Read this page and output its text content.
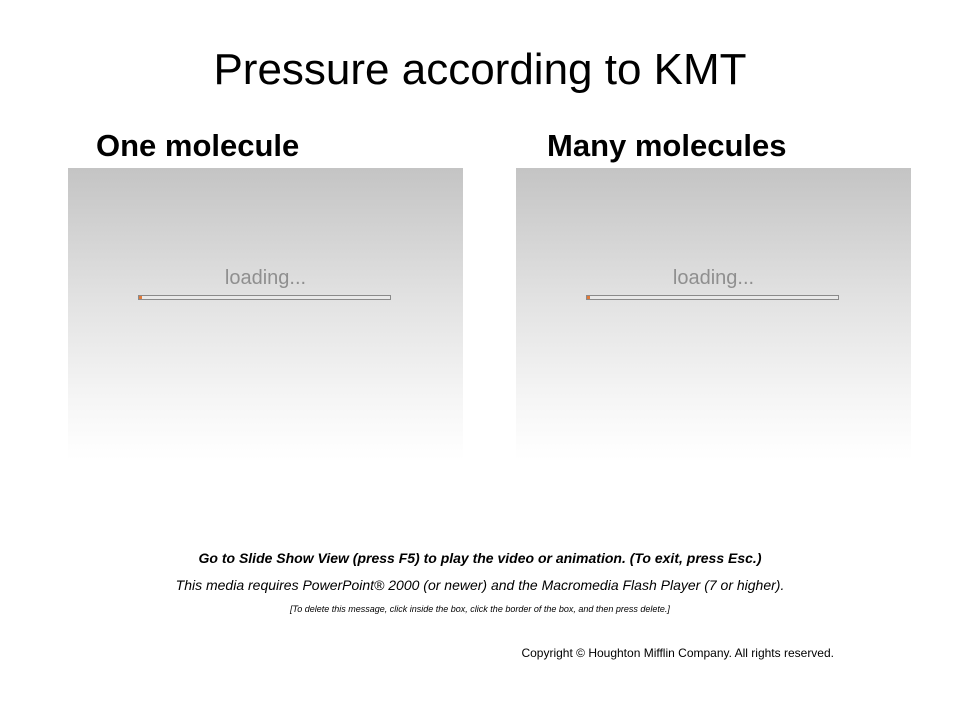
Pressure according to KMT
One molecule	Many molecules
loading...	loading...
Go to Slide Show View (press F5) to play the video or animation. (To exit, press Esc.)
This media requires PowerPoint® 2000 (or newer) and the Macromedia Flash Player (7 or higher).
[To delete this message, click inside the box, click the border of the box, and then press delete.]
Copyright © Houghton Mifflin Company. All rights reserved.
